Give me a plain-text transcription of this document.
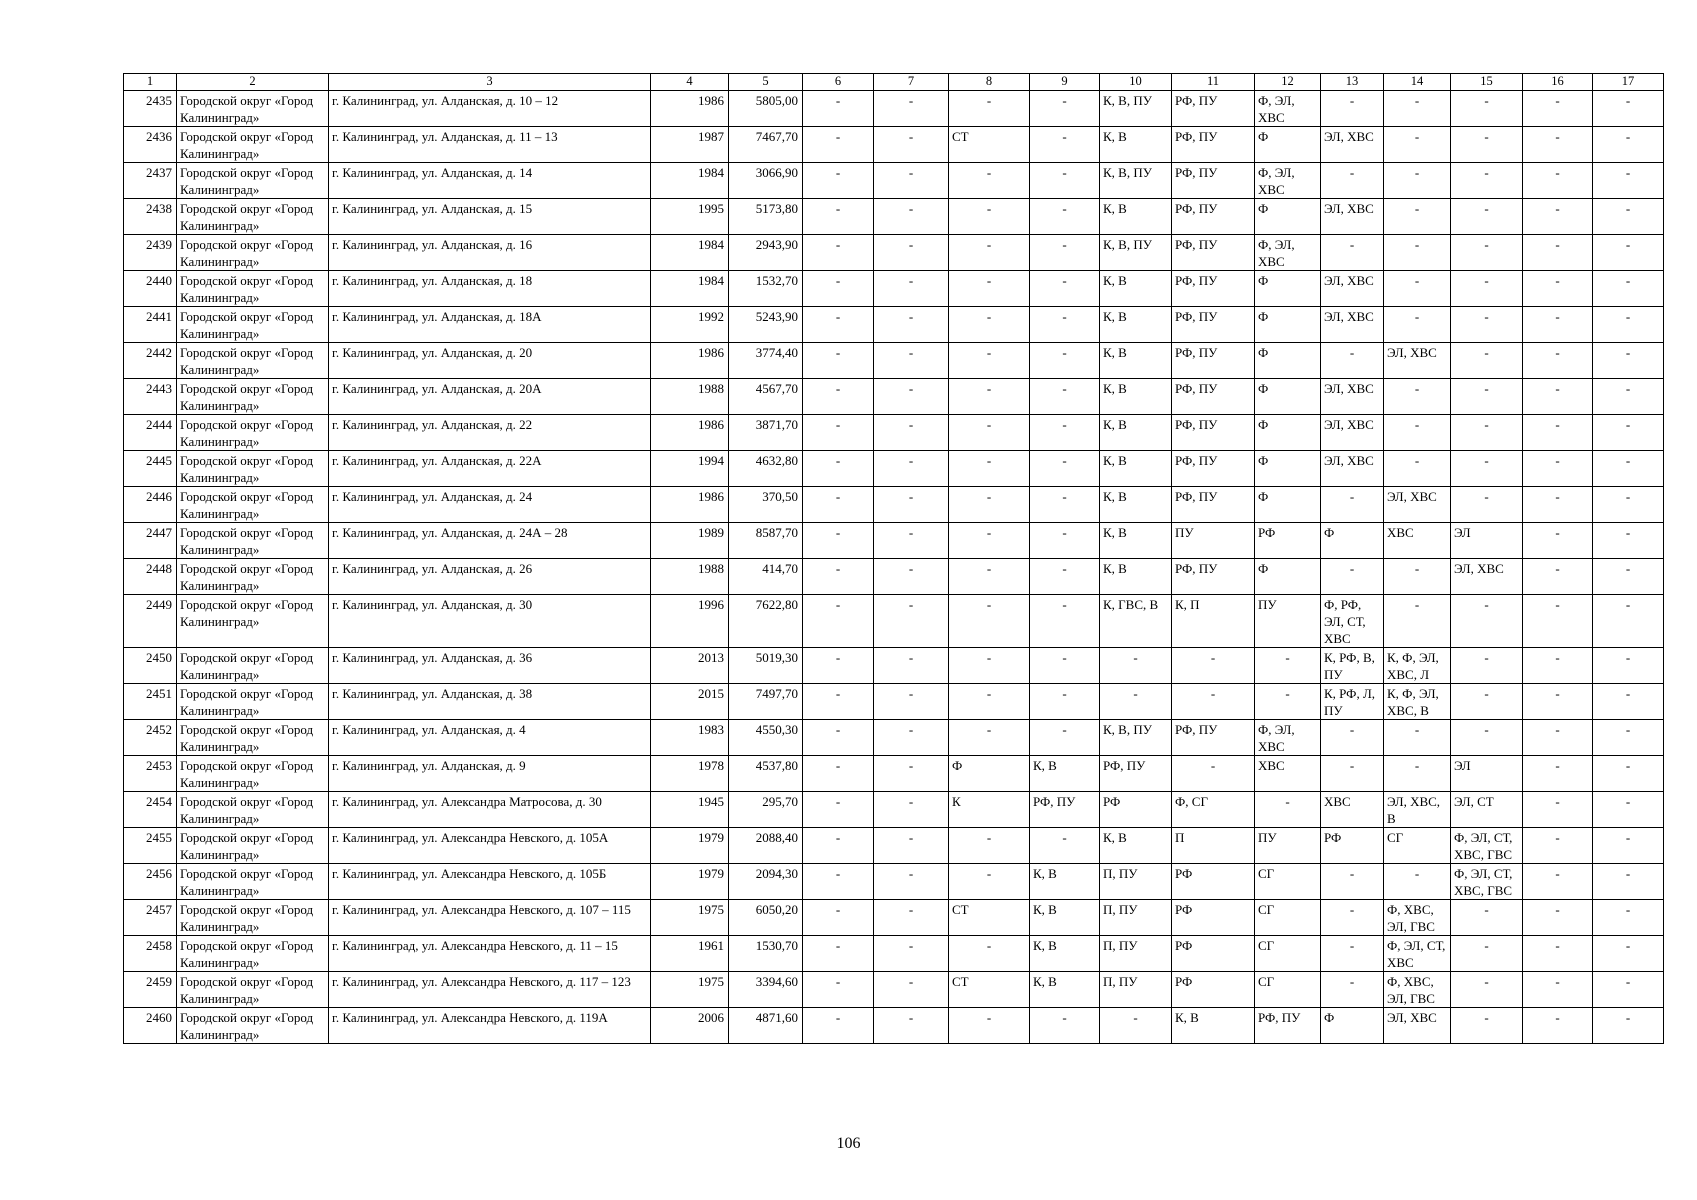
1	2	3	4	5	6	7	8	9	10	11	12	13	14	15	16	17
2435	Городской округ «Город Калининград»	г. Калининград, ул. Алданская, д. 10 – 12	1986	5805,00	-	-	-	-	К, В, ПУ	РФ, ПУ	Ф, ЭЛ, ХВС	-	-	-	-	-
2436	Городской округ «Город Калининград»	г. Калининград, ул. Алданская, д. 11 – 13	1987	7467,70	-	-	СТ	-	К, В	РФ, ПУ	Ф	ЭЛ, ХВС	-	-	-	-
2437	Городской округ «Город Калининград»	г. Калининград, ул. Алданская, д. 14	1984	3066,90	-	-	-	-	К, В, ПУ	РФ, ПУ	Ф, ЭЛ, ХВС	-	-	-	-	-
2438	Городской округ «Город Калининград»	г. Калининград, ул. Алданская, д. 15	1995	5173,80	-	-	-	-	К, В	РФ, ПУ	Ф	ЭЛ, ХВС	-	-	-	-
2439	Городской округ «Город Калининград»	г. Калининград, ул. Алданская, д. 16	1984	2943,90	-	-	-	-	К, В, ПУ	РФ, ПУ	Ф, ЭЛ, ХВС	-	-	-	-	-
2440	Городской округ «Город Калининград»	г. Калининград, ул. Алданская, д. 18	1984	1532,70	-	-	-	-	К, В	РФ, ПУ	Ф	ЭЛ, ХВС	-	-	-	-
2441	Городской округ «Город Калининград»	г. Калининград, ул. Алданская, д. 18А	1992	5243,90	-	-	-	-	К, В	РФ, ПУ	Ф	ЭЛ, ХВС	-	-	-	-
2442	Городской округ «Город Калининград»	г. Калининград, ул. Алданская, д. 20	1986	3774,40	-	-	-	-	К, В	РФ, ПУ	Ф	-	ЭЛ, ХВС	-	-	-
2443	Городской округ «Город Калининград»	г. Калининград, ул. Алданская, д. 20А	1988	4567,70	-	-	-	-	К, В	РФ, ПУ	Ф	ЭЛ, ХВС	-	-	-	-
2444	Городской округ «Город Калининград»	г. Калининград, ул. Алданская, д. 22	1986	3871,70	-	-	-	-	К, В	РФ, ПУ	Ф	ЭЛ, ХВС	-	-	-	-
2445	Городской округ «Город Калининград»	г. Калининград, ул. Алданская, д. 22А	1994	4632,80	-	-	-	-	К, В	РФ, ПУ	Ф	ЭЛ, ХВС	-	-	-	-
2446	Городской округ «Город Калининград»	г. Калининград, ул. Алданская, д. 24	1986	370,50	-	-	-	-	К, В	РФ, ПУ	Ф	-	ЭЛ, ХВС	-	-	-
2447	Городской округ «Город Калининград»	г. Калининград, ул. Алданская, д. 24А – 28	1989	8587,70	-	-	-	-	К, В	ПУ	РФ	Ф	ХВС	ЭЛ	-	-
2448	Городской округ «Город Калининград»	г. Калининград, ул. Алданская, д. 26	1988	414,70	-	-	-	-	К, В	РФ, ПУ	Ф	-	-	ЭЛ, ХВС	-	-
2449	Городской округ «Город Калининград»	г. Калининград, ул. Алданская, д. 30	1996	7622,80	-	-	-	-	К, ГВС, В	К, П	ПУ	Ф, РФ, ЭЛ, СТ, ХВС	-	-	-	-
2450	Городской округ «Город Калининград»	г. Калининград, ул. Алданская, д. 36	2013	5019,30	-	-	-	-	-	-	-	К, РФ, В, ПУ	К, Ф, ЭЛ, ХВС, Л	-	-	-
2451	Городской округ «Город Калининград»	г. Калининград, ул. Алданская, д. 38	2015	7497,70	-	-	-	-	-	-	-	К, РФ, Л, ПУ	К, Ф, ЭЛ, ХВС, В	-	-	-
2452	Городской округ «Город Калининград»	г. Калининград, ул. Алданская, д. 4	1983	4550,30	-	-	-	-	К, В, ПУ	РФ, ПУ	Ф, ЭЛ, ХВС	-	-	-	-	-
2453	Городской округ «Город Калининград»	г. Калининград, ул. Алданская, д. 9	1978	4537,80	-	-	Ф	К, В	РФ, ПУ	-	ХВС	-	-	ЭЛ	-	-
2454	Городской округ «Город Калининград»	г. Калининград, ул. Александра Матросова, д. 30	1945	295,70	-	-	К	РФ, ПУ	РФ	Ф, СГ	-	ХВС	ЭЛ, ХВС, В	ЭЛ, СТ	-	-
2455	Городской округ «Город Калининград»	г. Калининград, ул. Александра Невского, д. 105А	1979	2088,40	-	-	-	-	К, В	П	ПУ	РФ	СГ	Ф, ЭЛ, СТ, ХВС, ГВС	-	-
2456	Городской округ «Город Калининград»	г. Калининград, ул. Александра Невского, д. 105Б	1979	2094,30	-	-	-	К, В	П, ПУ	РФ	СГ	-	-	Ф, ЭЛ, СТ, ХВС, ГВС	-	-
2457	Городской округ «Город Калининград»	г. Калининград, ул. Александра Невского, д. 107 – 115	1975	6050,20	-	-	СТ	К, В	П, ПУ	РФ	СГ	-	Ф, ХВС, ЭЛ, ГВС	-	-	-
2458	Городской округ «Город Калининград»	г. Калининград, ул. Александра Невского, д. 11 – 15	1961	1530,70	-	-	-	К, В	П, ПУ	РФ	СГ	-	Ф, ЭЛ, СТ, ХВС	-	-	-
2459	Городской округ «Город Калининград»	г. Калининград, ул. Александра Невского, д. 117 – 123	1975	3394,60	-	-	СТ	К, В	П, ПУ	РФ	СГ	-	Ф, ХВС, ЭЛ, ГВС	-	-	-
2460	Городской округ «Город Калининград»	г. Калининград, ул. Александра Невского, д. 119А	2006	4871,60	-	-	-	-	-	К, В	РФ, ПУ	Ф	ЭЛ, ХВС	-	-	-
106
